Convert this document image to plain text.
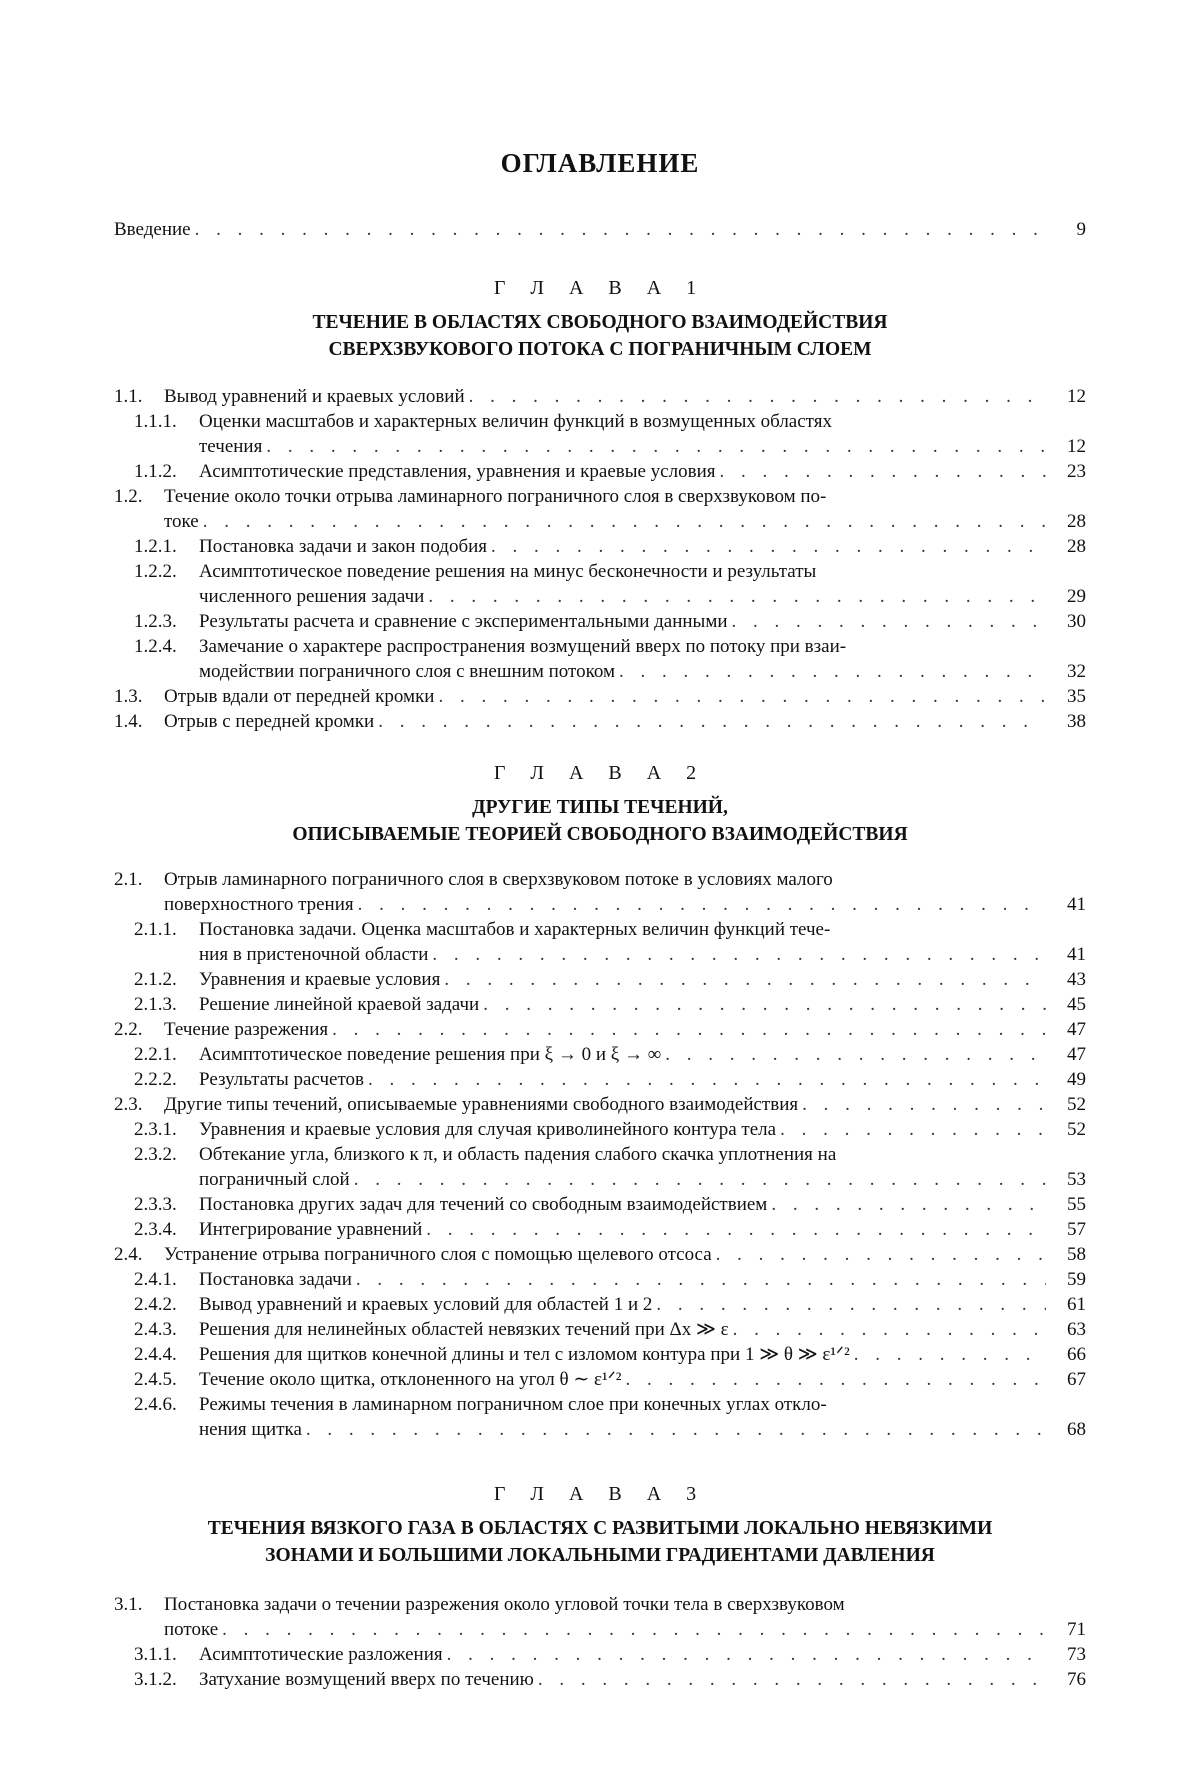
ОГЛАВЛЕНИЕ
Введение . . .	9
Г Л А В А 1
ТЕЧЕНИЕ В ОБЛАСТЯХ СВОБОДНОГО ВЗАИМОДЕЙСТВИЯ
СВЕРХЗВУКОВОГО ПОТОКА С ПОГРАНИЧНЫМ СЛОЕМ
1.1.	Вывод уравнений и краевых условий . . .	12
1.1.1. Оценки масштабов и характерных величин функций в возмущенных областях
течения . . .	12
1.1.2.	Асимптотические представления, уравнения и краевые условия . . .	23
1.2. Течение около точки отрыва ламинарного пограничного слоя в сверхзвуковом по-
токе . . .	28
1.2.1.	Постановка задачи и закон подобия . . .	28
1.2.2. Асимптотическое поведение решения на минус бесконечности и результаты
численного решения задачи . . .	29
1.2.3.	Результаты расчета и сравнение с экспериментальными данными . . .	30
1.2.4. Замечание о характере распространения возмущений вверх по потоку при взаи-
модействии пограничного слоя с внешним потоком . . .	32
1.3.	Отрыв вдали от передней кромки . . .	35
1.4.	Отрыв с передней кромки . . .	38
Г Л А В А 2
ДРУГИЕ ТИПЫ ТЕЧЕНИЙ,
ОПИСЫВАЕМЫЕ ТЕОРИЕЙ СВОБОДНОГО ВЗАИМОДЕЙСТВИЯ
2.1. Отрыв ламинарного пограничного слоя в сверхзвуковом потоке в условиях малого
поверхностного трения . . .	41
2.1.1. Постановка задачи. Оценка масштабов и характерных величин функций тече-
ния в пристеночной области . . .	41
2.1.2.	Уравнения и краевые условия . . .	43
2.1.3.	Решение линейной краевой задачи . . .	45
2.2.	Течение разрежения . . .	47
2.2.1.	Асимптотическое поведение решения при ξ → 0 и ξ → ∞ . . .	47
2.2.2.	Результаты расчетов . . .	49
2.3.	Другие типы течений, описываемые уравнениями свободного взаимодействия . . .	52
2.3.1.	Уравнения и краевые условия для случая криволинейного контура тела . . .	52
2.3.2. Обтекание угла, близкого к π, и область падения слабого скачка уплотнения на
пограничный слой . . .	53
2.3.3.	Постановка других задач для течений со свободным взаимодействием . . .	55
2.3.4.	Интегрирование уравнений . . .	57
2.4.	Устранение отрыва пограничного слоя с помощью щелевого отсоса . . .	58
2.4.1.	Постановка задачи . . .	59
2.4.2.	Вывод уравнений и краевых условий для областей 1 и 2 . . .	61
2.4.3.	Решения для нелинейных областей невязких течений при Δx ≫ ε . . .	63
2.4.4.	Решения для щитков конечной длины и тел с изломом контура при 1 ≫ θ ≫ ε¹ᐟ² . . .	66
2.4.5.	Течение около щитка, отклоненного на угол θ ∼ ε¹ᐟ² . . .	67
2.4.6. Режимы течения в ламинарном пограничном слое при конечных углах откло-
нения щитка . . .	68
Г Л А В А 3
ТЕЧЕНИЯ ВЯЗКОГО ГАЗА В ОБЛАСТЯХ С РАЗВИТЫМИ ЛОКАЛЬНО НЕВЯЗКИМИ
ЗОНАМИ И БОЛЬШИМИ ЛОКАЛЬНЫМИ ГРАДИЕНТАМИ ДАВЛЕНИЯ
3.1. Постановка задачи о течении разрежения около угловой точки тела в сверхзвуковом
потоке . . .	71
3.1.1.	Асимптотические разложения . . .	73
3.1.2.	Затухание возмущений вверх по течению . . .	76
